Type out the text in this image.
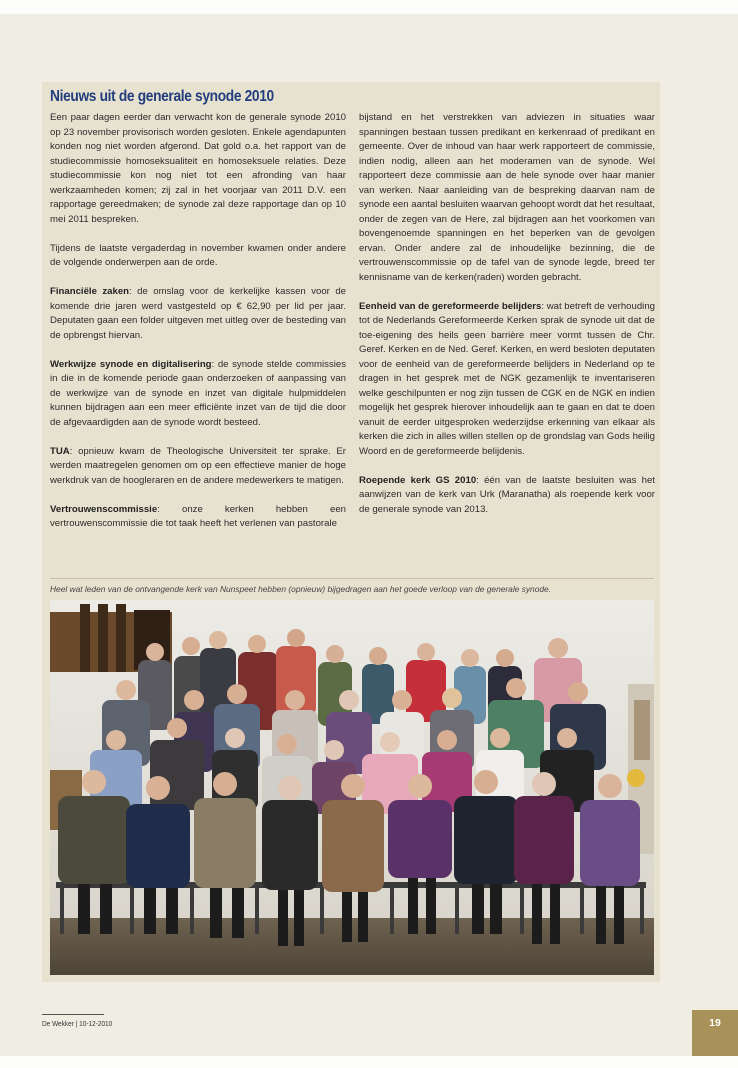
Nieuws uit de generale synode 2010

Een paar dagen eerder dan verwacht kon de generale synode 2010 op 23 november provisorisch worden gesloten. Enkele agendapunten konden nog niet worden afgerond. Dat gold o.a. het rapport van de studiecommissie homoseksualiteit en homoseksuele relaties. Deze studiecommissie kon nog niet tot een afronding van haar werkzaamheden komen; zij zal in het voorjaar van 2011 D.V. een rapportage gereedmaken; de synode zal deze rapportage dan op 10 mei 2011 bespreken.

Tijdens de laatste vergaderdag in november kwamen onder andere de volgende onderwerpen aan de orde.

Financiële zaken: de omslag voor de kerkelijke kassen voor de komende drie jaren werd vastgesteld op € 62,90 per lid per jaar. Deputaten gaan een folder uitgeven met uitleg over de besteding van de opbrengst hiervan.

Werkwijze synode en digitalisering: de synode stelde commissies in die in de komende periode gaan onderzoeken of aanpassing van de werkwijze van de synode en inzet van digitale hulpmiddelen kunnen bijdragen aan een meer efficiënte inzet van de tijd die door de afgevaardigden aan de synode wordt besteed.

TUA: opnieuw kwam de Theologische Universiteit ter sprake. Er werden maatregelen genomen om op een effectieve manier de hoge werkdruk van de hoogleraren en de andere medewerkers te matigen.

Vertrouwenscommissie: onze kerken hebben een vertrouwenscommissie die tot taak heeft het verlenen van pastorale

bijstand en het verstrekken van adviezen in situaties waar spanningen bestaan tussen predikant en kerkenraad of predikant en gemeente. Over de inhoud van haar werk rapporteert de commissie, indien nodig, alleen aan het moderamen van de synode. Wel rapporteert deze commissie aan de hele synode over haar manier van werken. Naar aanleiding van de bespreking daarvan nam de synode een aantal besluiten waarvan gehoopt wordt dat het resultaat, onder de zegen van de Here, zal bijdragen aan het voorkomen van bovengenoemde spanningen en het beperken van de gevolgen ervan. Onder andere zal de inhoudelijke bezinning, die de vertrouwenscommissie op de tafel van de synode legde, breed ter kennisname van de kerken(raden) worden gebracht.

Eenheid van de gereformeerde belijders: wat betreft de verhouding tot de Nederlands Gereformeerde Kerken sprak de synode uit dat de toe-eigening des heils geen barrière meer vormt tussen de Chr. Geref. Kerken en de Ned. Geref. Kerken, en werd besloten deputaten voor de eenheid van de gereformeerde belijders in Nederland op te dragen in het gesprek met de NGK gezamenlijk te inventariseren welke geschilpunten er nog zijn tussen de CGK en de NGK en indien mogelijk het gesprek hierover inhoudelijk aan te gaan en dat te doen vanuit de eerder uitgesproken wederzijdse erkenning van elkaar als kerken die zich in alles willen stellen op de grondslag van Gods heilig Woord en de gereformeerde belijdenis.

Roepende kerk GS 2010: één van de laatste besluiten was het aanwijzen van de kerk van Urk (Maranatha) als roepende kerk voor de generale synode van 2013.

Heel wat leden van de ontvangende kerk van Nunspeet hebben (opnieuw) bijgedragen aan het goede verloop van de generale synode.

De Wekker | 10-12-2010	19
